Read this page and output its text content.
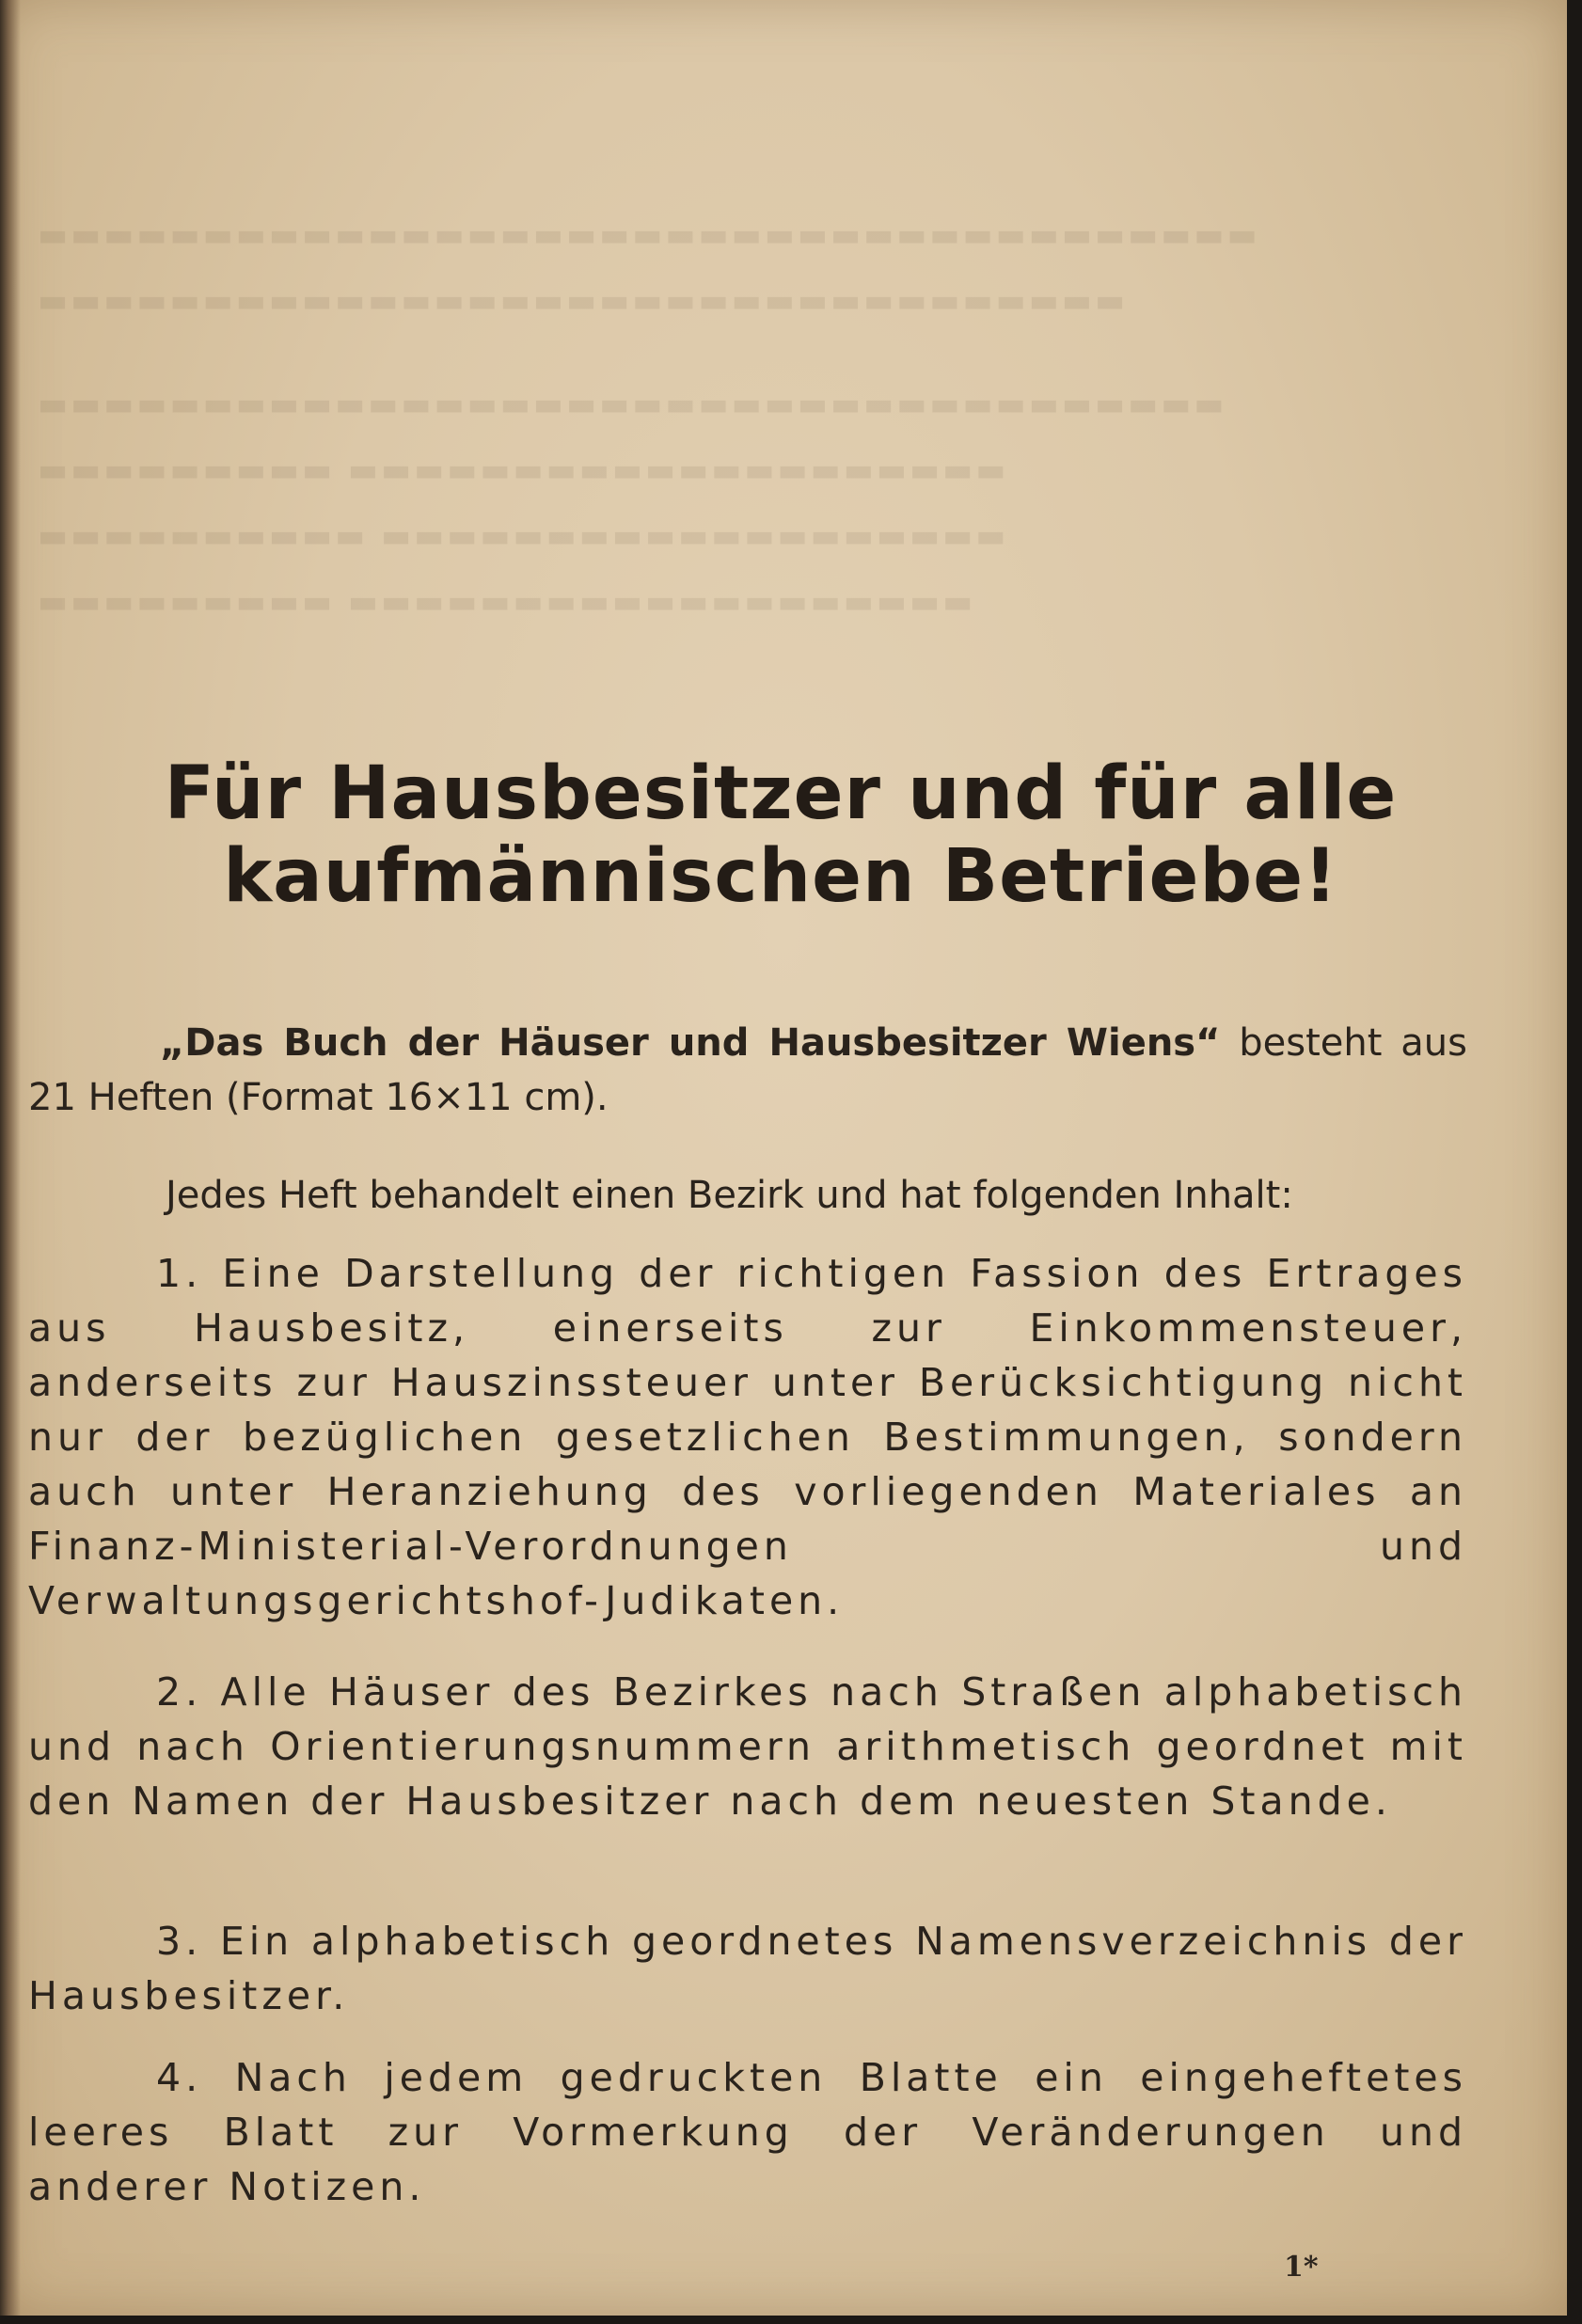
▬▬▬▬▬▬▬▬▬▬▬▬▬▬▬▬▬▬▬▬▬▬▬▬▬▬▬▬▬▬▬▬▬▬▬▬▬
▬▬▬▬▬▬▬▬▬▬▬▬▬▬▬▬▬▬▬▬▬▬▬▬▬▬▬▬▬▬▬▬▬
▬▬▬▬▬▬▬▬▬▬▬▬▬▬▬▬▬▬▬▬▬▬▬▬▬▬▬▬▬▬▬▬▬▬▬▬
▬▬▬▬▬▬▬▬▬ ▬▬▬▬▬▬▬▬▬▬▬▬▬▬▬▬▬▬▬▬
▬▬▬▬▬▬▬▬▬▬ ▬▬▬▬▬▬▬▬▬▬▬▬▬▬▬▬▬▬▬
▬▬▬▬▬▬▬▬▬ ▬▬▬▬▬▬▬▬▬▬▬▬▬▬▬▬▬▬▬
Für Hausbesitzer und für alle
kaufmännischen Betriebe!

„Das Buch der Häuser und Hausbesitzer Wiens“ besteht aus 21 Heften (Format 16×11 cm).

Jedes Heft behandelt einen Bezirk und hat folgenden Inhalt:

1. Eine Darstellung der richtigen Fassion des Ertrages aus Hausbesitz, einerseits zur Einkommensteuer, anderseits zur Hauszinssteuer unter Berücksichtigung nicht nur der bezüglichen gesetzlichen Bestimmungen, sondern auch unter Heranziehung des vorliegenden Materiales an Finanz-Ministerial-Verordnungen und Verwaltungsgerichtshof-Judikaten.

2. Alle Häuser des Bezirkes nach Straßen alphabetisch und nach Orientierungsnummern arithmetisch geordnet mit den Namen der Hausbesitzer nach dem neuesten Stande.

3. Ein alphabetisch geordnetes Namensverzeichnis der Hausbesitzer.

4. Nach jedem gedruckten Blatte ein eingeheftetes leeres Blatt zur Vormerkung der Veränderungen und anderer Notizen.

1*
